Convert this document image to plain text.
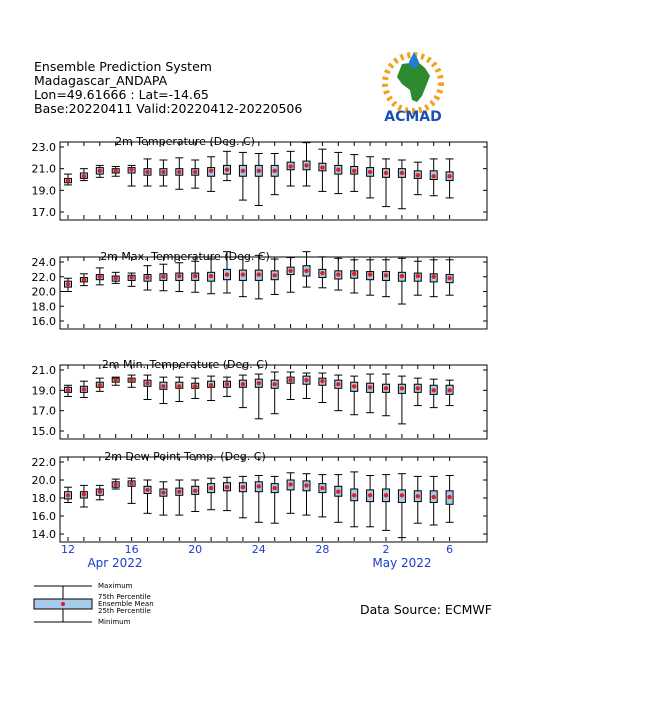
Ensemble Prediction System
Madagascar_ANDAPA
Lon=49.61666 : Lat=-14.65
Base:20220411 Valid:20220412-20220506
ACMAD
2m Temperature (Deg. C)
23.0
21.0
19.0
17.0
2m Max. Temperature (Deg. C)
24.0
22.0
20.0
18.0
16.0
2m Min. Temperature (Deg. C)
21.0
19.0
17.0
15.0
2m Dew Point Temp. (Deg. C)
22.0
20.0
18.0
16.0
14.0
12	16	20	24	28	2	6
Apr 2022	May 2022
Maximum
75th Percentile
Ensemble Mean
25th Percentile
Minimum
Data Source: ECMWF
